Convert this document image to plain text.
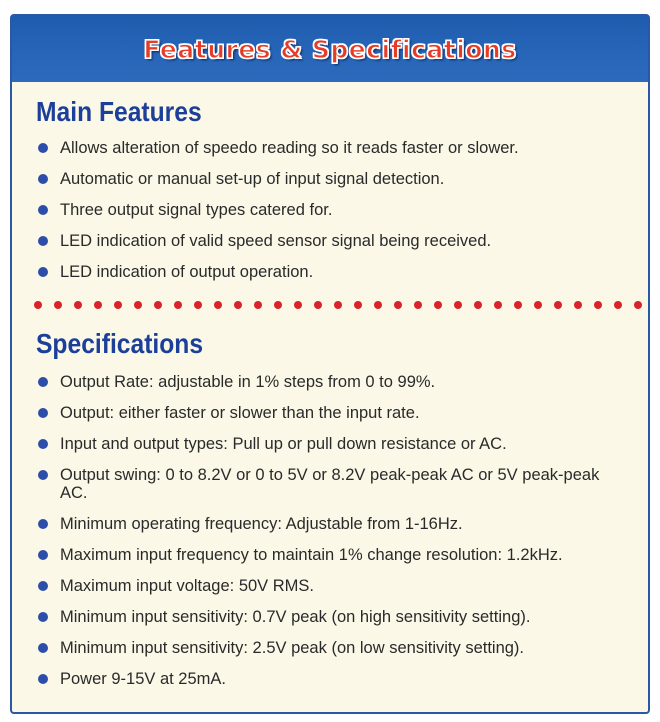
Features & Specifications
Main Features
Allows alteration of speedo reading so it reads faster or slower.
Automatic or manual set-up of input signal detection.
Three output signal types catered for.
LED indication of valid speed sensor signal being received.
LED indication of output operation.
Specifications
Output Rate: adjustable in 1% steps from 0 to 99%.
Output: either faster or slower than the input rate.
Input and output types: Pull up or pull down resistance or AC.
Output swing: 0 to 8.2V or 0 to 5V or 8.2V peak-peak AC or 5V peak-peak AC.
Minimum operating frequency: Adjustable from 1-16Hz.
Maximum input frequency to maintain 1% change resolution: 1.2kHz.
Maximum input voltage: 50V RMS.
Minimum input sensitivity: 0.7V peak (on high sensitivity setting).
Minimum input sensitivity: 2.5V peak (on low sensitivity setting).
Power 9-15V at 25mA.
